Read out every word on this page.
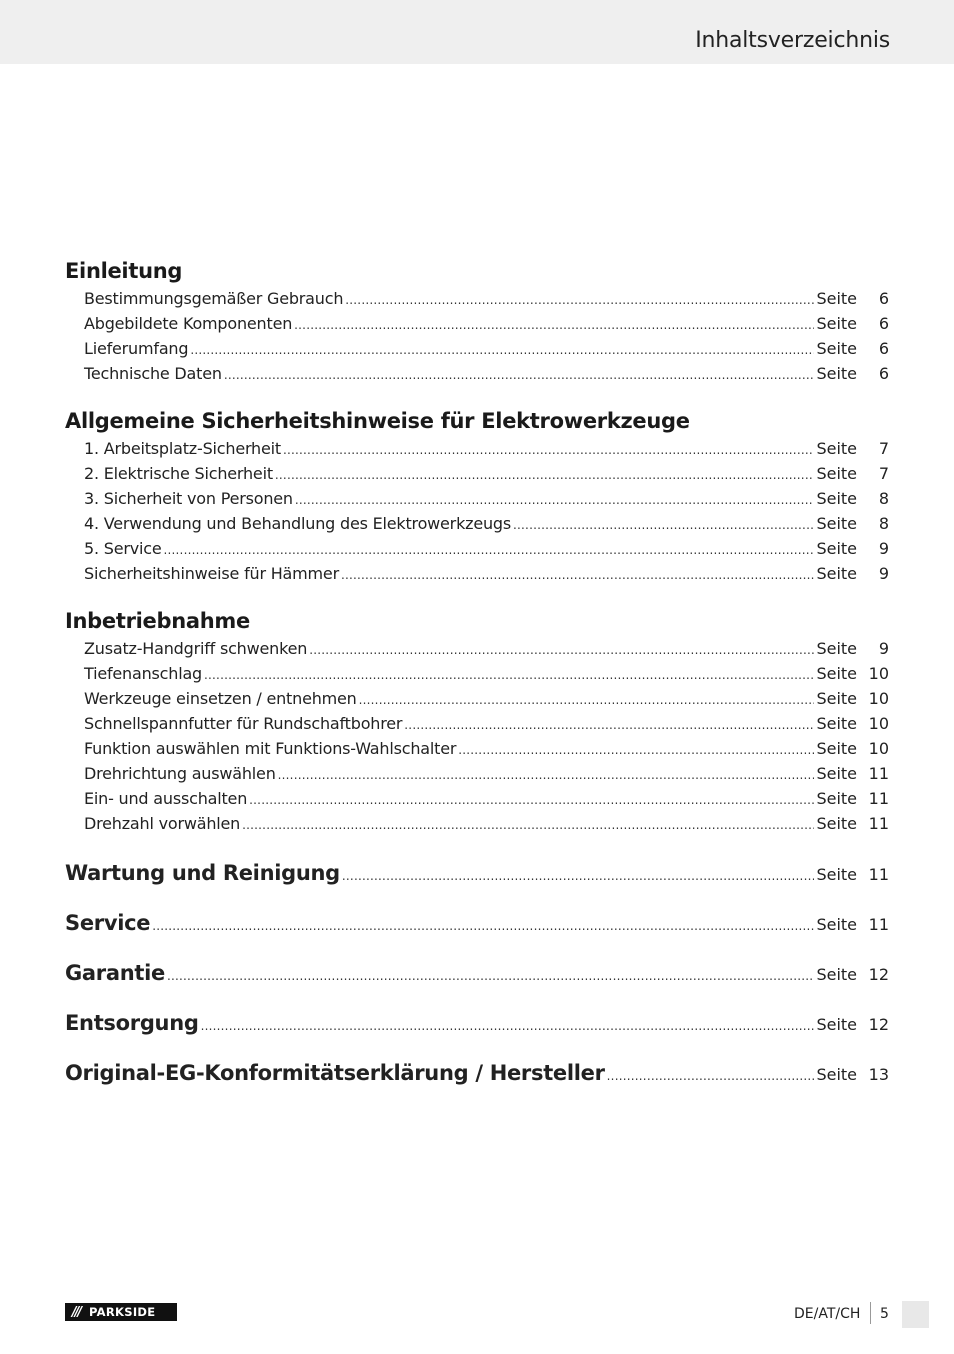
Inhaltsverzeichnis
Einleitung
Bestimmungsgemäßer Gebrauch .....	Seite	6
Abgebildete Komponenten .....	Seite	6
Lieferumfang .....	Seite	6
Technische Daten .....	Seite	6
Allgemeine Sicherheitshinweise für Elektrowerkzeuge
1. Arbeitsplatz-Sicherheit .....	Seite	7
2. Elektrische Sicherheit .....	Seite	7
3. Sicherheit von Personen .....	Seite	8
4. Verwendung und Behandlung des Elektrowerkzeugs .....	Seite	8
5. Service .....	Seite	9
Sicherheitshinweise für Hämmer .....	Seite	9
Inbetriebnahme
Zusatz-Handgriff schwenken .....	Seite	9
Tiefenanschlag .....	Seite 10
Werkzeuge einsetzen / entnehmen .....	Seite 10
Schnellspannfutter für Rundschaftbohrer .....	Seite 10
Funktion auswählen mit Funktions-Wahlschalter .....	Seite 10
Drehrichtung auswählen .....	Seite 11
Ein- und ausschalten .....	Seite 11
Drehzahl vorwählen .....	Seite 11
Wartung und Reinigung .....	Seite 11
Service .....	Seite 11
Garantie .....	Seite 12
Entsorgung .....	Seite 12
Original-EG-Konformitätserklärung / Hersteller .....	Seite 13
/// PARKSIDE	DE/AT/CH 5
